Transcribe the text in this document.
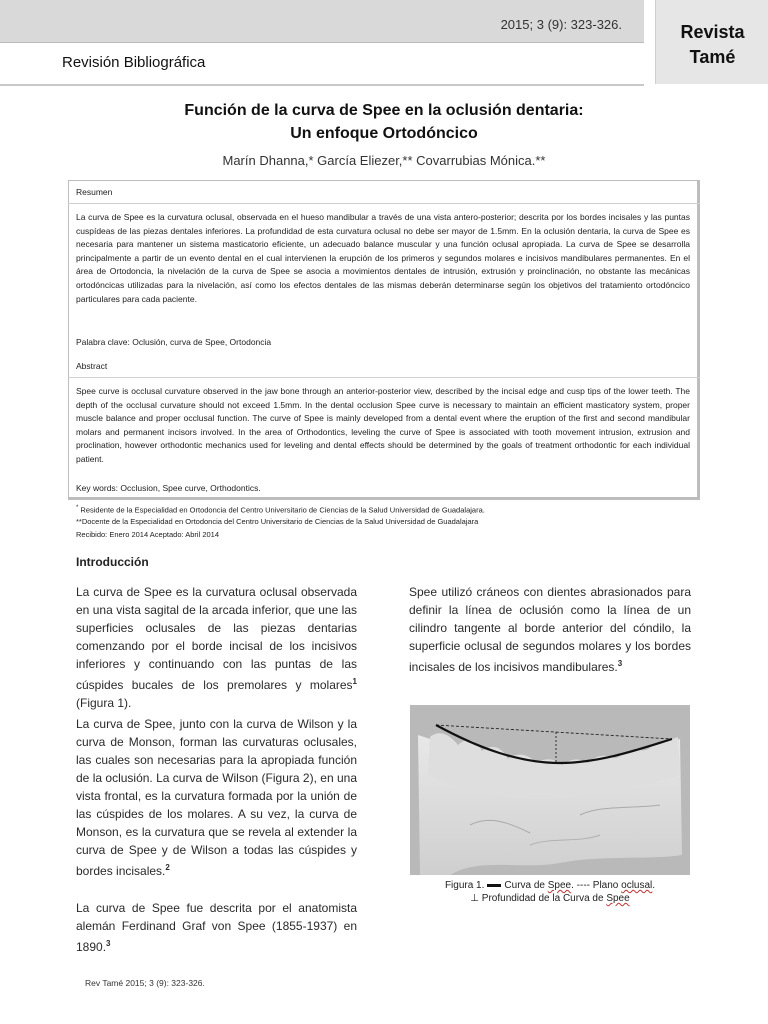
2015; 3 (9): 323-326.
Revisión Bibliográfica
Revista
Tamé
Función de la curva de Spee en la oclusión dentaria:
Un enfoque Ortodóncico
Marín Dhanna,* García Eliezer,** Covarrubias Mónica.**
Resumen
La curva de Spee es la curvatura oclusal, observada en el hueso mandibular a través de una vista antero-posterior; descrita por los bordes incisales y las puntas cuspídeas de las piezas dentales inferiores. La profundidad de esta curvatura oclusal no debe ser mayor de 1.5mm. En la oclusión dentaria, la curva de Spee es necesaria para mantener un sistema masticatorio eficiente, un adecuado balance muscular y una función oclusal apropiada. La curva de Spee se desarrolla principalmente a partir de un evento dental en el cual intervienen la erupción de los primeros y segundos molares e incisivos mandibulares permanentes. En el área de Ortodoncia, la nivelación de la curva de Spee se asocia a movimientos dentales de intrusión, extrusión y proinclinación, no obstante las mecánicas ortodóncicas utilizadas para la nivelación, así como los efectos dentales de las mismas deberán determinarse según los objetivos del tratamiento ortodóncico particulares para cada paciente.
Palabra clave: Oclusión, curva de Spee, Ortodoncia
Abstract
Spee curve is occlusal curvature observed in the jaw bone through an anterior-posterior view, described by the incisal edge and cusp tips of the lower teeth. The depth of the occlusal curvature should not exceed 1.5mm. In the dental occlusion Spee curve is necessary to maintain an efficient masticatory system, proper muscle balance and proper occlusal function. The curve of Spee is mainly developed from a dental event where the eruption of the first and second mandibular molars and permanent incisors involved. In the area of Orthodontics, leveling the curve of Spee is associated with tooth movement intrusion, extrusion and proclination, however orthodontic mechanics used for leveling and dental effects should be determined by the goals of treatment orthodontic for each individual patient.
Key words: Occlusion, Spee curve, Orthodontics.
* Residente de la Especialidad en Ortodoncia del Centro Universitario de Ciencias de la Salud Universidad de Guadalajara.
**Docente de la Especialidad en Ortodoncia del Centro Universitario de Ciencias de la Salud Universidad de Guadalajara
Recibido: Enero 2014 Aceptado: Abril 2014
Introducción
La curva de Spee es la curvatura oclusal observada en una vista sagital de la arcada inferior, que une las superficies oclusales de las piezas dentarias comenzando por el borde incisal de los incisivos inferiores y continuando con las puntas de las cúspides bucales de los premolares y molares$^1$ (Figura 1).
La curva de Spee, junto con la curva de Wilson y la curva de Monson, forman las curvaturas oclusales, las cuales son necesarias para la apropiada función de la oclusión. La curva de Wilson (Figura 2), en una vista frontal, es la curvatura formada por la unión de las cúspides de los molares. A su vez, la curva de Monson, es la curvatura que se revela al extender la curva de Spee y de Wilson a todas las cúspides y bordes incisales.$^2$
La curva de Spee fue descrita por el anatomista alemán Ferdinand Graf von Spee (1855-1937) en 1890.$^3$
Spee utilizó cráneos con dientes abrasionados para definir la línea de oclusión como la línea de un cilindro tangente al borde anterior del cóndilo, la superficie oclusal de segundos molares y los bordes incisales de los incisivos mandibulares.$^3$
Figura 1. Curva de Spee. ---- Plano oclusal.
⊥ Profundidad de la Curva de Spee
Rev Tamé 2015; 3 (9): 323-326.
